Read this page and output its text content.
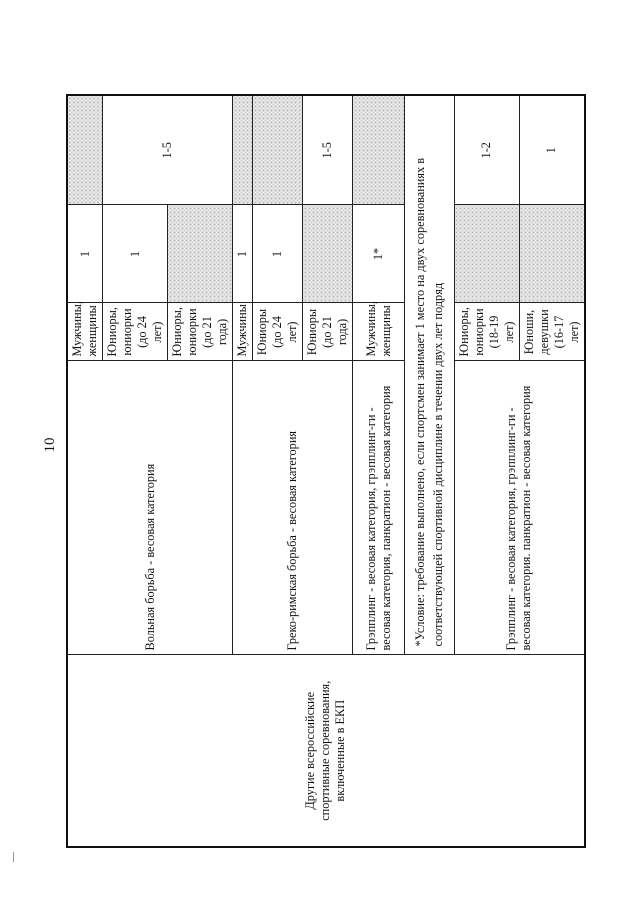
10
Другие всероссийские спортивные соревнования, включенные в ЕКП	Вольная борьба - весовая категория	Мужчины, женщины	1	
		Юниоры, юниорки (до 24 лет)	1	1-5
		Юниоры, юниорки (до 21 года)		
	Греко-римская борьба - весовая категория	Мужчины	1	
		Юниоры (до 24 лет)	1	
		Юниоры (до 21 года)		1-5
	Грэпплинг - весовая категория, грэпплинг-ги - весовая категория, панкратион - весовая категория	Мужчины, женщины	1*	
	*Условие: требование выполнено, если спортсмен занимает 1 место на двух соревнованиях в соответствующей спортивной дисциплине в течении двух лет подряд			
	Грэпплинг - весовая категория, грэпплинг-ги - весовая категория. панкратион - весовая категория	Юниоры, юниорки (18-19 лет)		1-2
		Юноши, девушки (16-17 лет)		1
